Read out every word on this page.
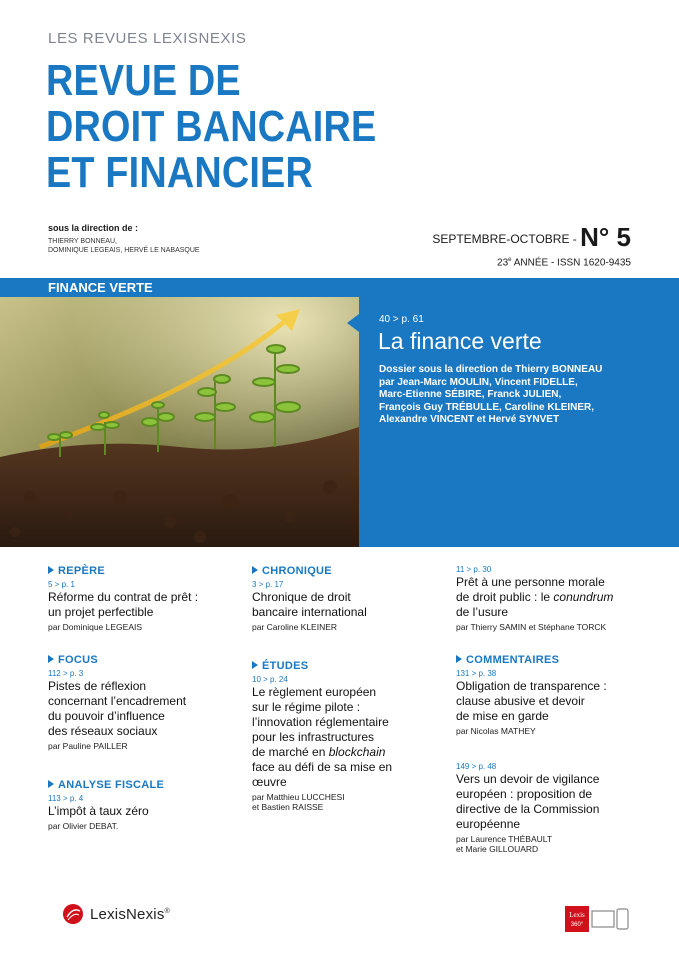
LES REVUES LEXISNEXIS
REVUE DE
DROIT BANCAIRE
ET FINANCIER
sous la direction de :
THIERRY BONNEAU,
DOMINIQUE LEGEAIS, HERVÉ LE NABASQUE
SEPTEMBRE-OCTOBRE - N° 5
23e ANNÉE - ISSN 1620-9435
FINANCE VERTE
40 > p. 61
La finance verte
Dossier sous la direction de Thierry BONNEAU
par Jean-Marc MOULIN, Vincent FIDELLE,
Marc-Etienne SÉBIRE, Franck JULIEN,
François Guy TRÉBULLE, Caroline KLEINER,
Alexandre VINCENT et Hervé SYNVET
REPÈRE
5 > p. 1
Réforme du contrat de prêt :
un projet perfectible
par Dominique LEGEAIS
FOCUS
112 > p. 3
Pistes de réflexion
concernant l’encadrement
du pouvoir d’influence
des réseaux sociaux
par Pauline PAILLER
ANALYSE FISCALE
113 > p. 4
L’impôt à taux zéro
par Olivier DEBAT.
CHRONIQUE
3 > p. 17
Chronique de droit
bancaire international
par Caroline KLEINER
ÉTUDES
10 > p. 24
Le règlement européen
sur le régime pilote :
l’innovation réglementaire
pour les infrastructures
de marché en blockchain
face au défi de sa mise en
œuvre
par Matthieu LUCCHESI
et Bastien RAISSE
11 > p. 30
Prêt à une personne morale
de droit public : le conundrum
de l’usure
par Thierry SAMIN et Stéphane TORCK
COMMENTAIRES
131 > p. 38
Obligation de transparence :
clause abusive et devoir
de mise en garde
par Nicolas MATHEY
149 > p. 48
Vers un devoir de vigilance
européen : proposition de
directive de la Commission
européenne
par Laurence THÉBAULT
et Marie GILLOUARD
LexisNexis®	Lexis
360°
